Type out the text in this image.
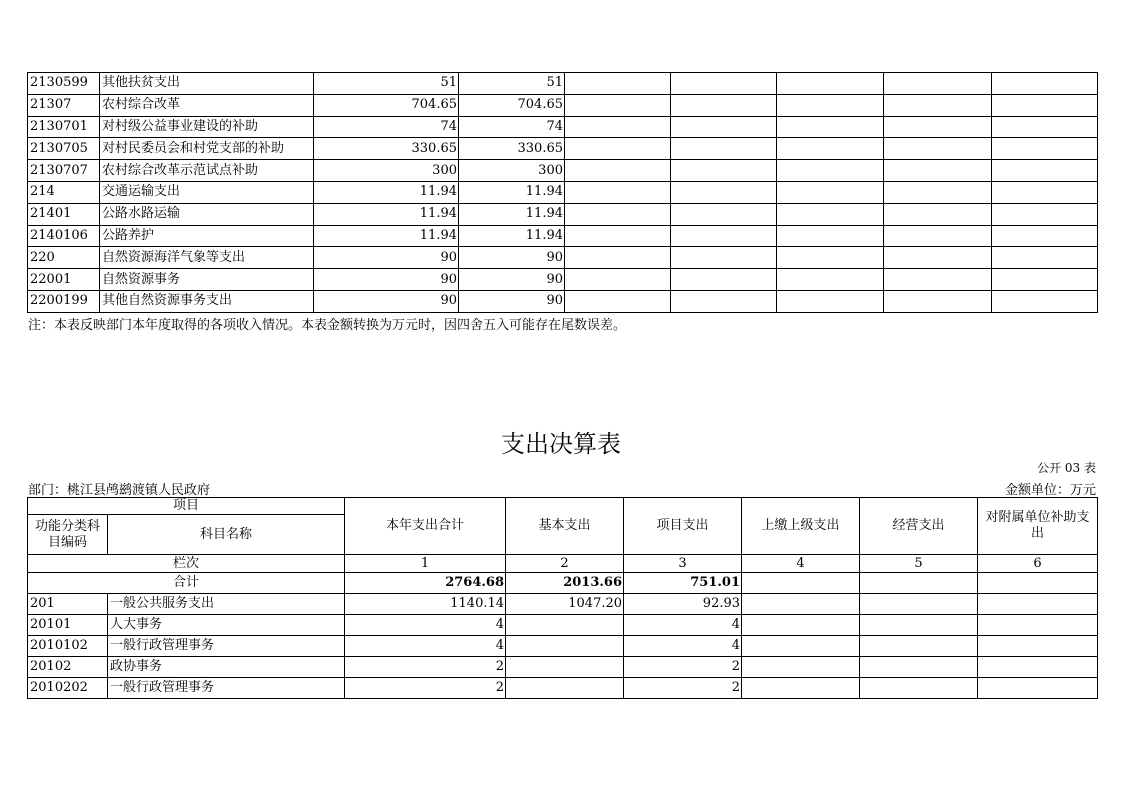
2130599	其他扶贫支出	51	51					
21307	农村综合改革	704.65	704.65					
2130701	对村级公益事业建设的补助	74	74					
2130705	对村民委员会和村党支部的补助	330.65	330.65					
2130707	农村综合改革示范试点补助	300	300					
214	交通运输支出	11.94	11.94					
21401	公路水路运输	11.94	11.94					
2140106	公路养护	11.94	11.94					
220	自然资源海洋气象等支出	90	90					
22001	自然资源事务	90	90					
2200199	其他自然资源事务支出	90	90					
注：本表反映部门本年度取得的各项收入情况。本表金额转换为万元时，因四舍五入可能存在尾数误差。
支出决算表
公开 03 表
部门：桃江县鸬鹚渡镇人民政府	金额单位：万元
项目		本年支出合计	基本支出	项目支出	上缴上级支出	经营支出	对附属单位补助支出
功能分类科目编码	科目名称						
栏次		1	2	3	4	5	6
合计		2764.68	2013.66	751.01			
201	一般公共服务支出	1140.14	1047.20	92.93			
20101	人大事务	4		4			
2010102	一般行政管理事务	4		4			
20102	政协事务	2		2			
2010202	一般行政管理事务	2		2			
